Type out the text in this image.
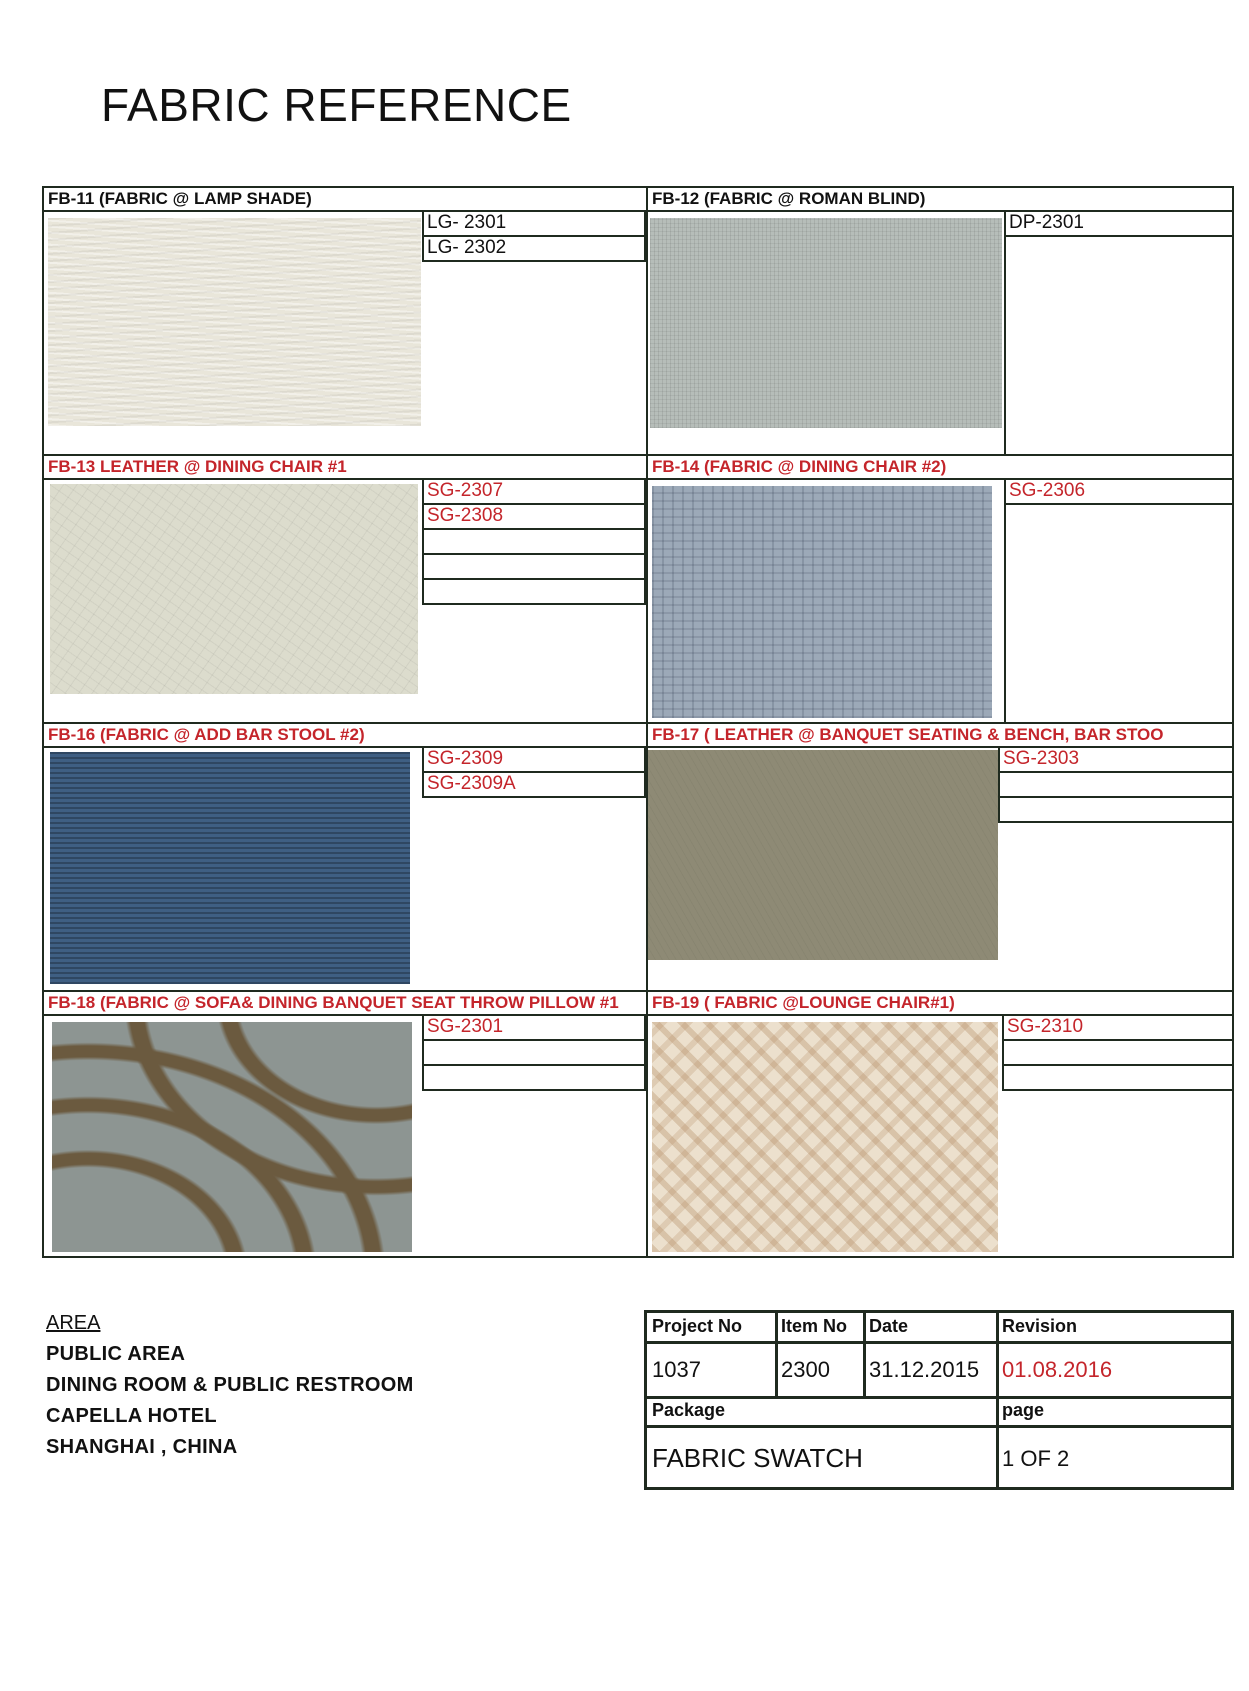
FABRIC REFERENCE
FB-11 (FABRIC @ LAMP SHADE)
LG- 2301
LG- 2302
FB-12 (FABRIC @ ROMAN BLIND)
DP-2301
FB-13 LEATHER @ DINING CHAIR #1
SG-2307
SG-2308
FB-14 (FABRIC @ DINING CHAIR #2)
SG-2306
FB-16 (FABRIC @ ADD BAR STOOL #2)
SG-2309
SG-2309A
FB-17 ( LEATHER @ BANQUET SEATING & BENCH, BAR STOO
SG-2303
FB-18 (FABRIC @ SOFA& DINING BANQUET SEAT THROW PILLOW #1
SG-2301
FB-19 ( FABRIC @LOUNGE CHAIR#1)
SG-2310
AREA
PUBLIC AREA
DINING ROOM & PUBLIC RESTROOM
CAPELLA HOTEL
SHANGHAI , CHINA
Project No Item No Date	Revision
1037	2300 31.12.2015 01.08.2016
Package	page
FABRIC SWATCH	1 OF 2
